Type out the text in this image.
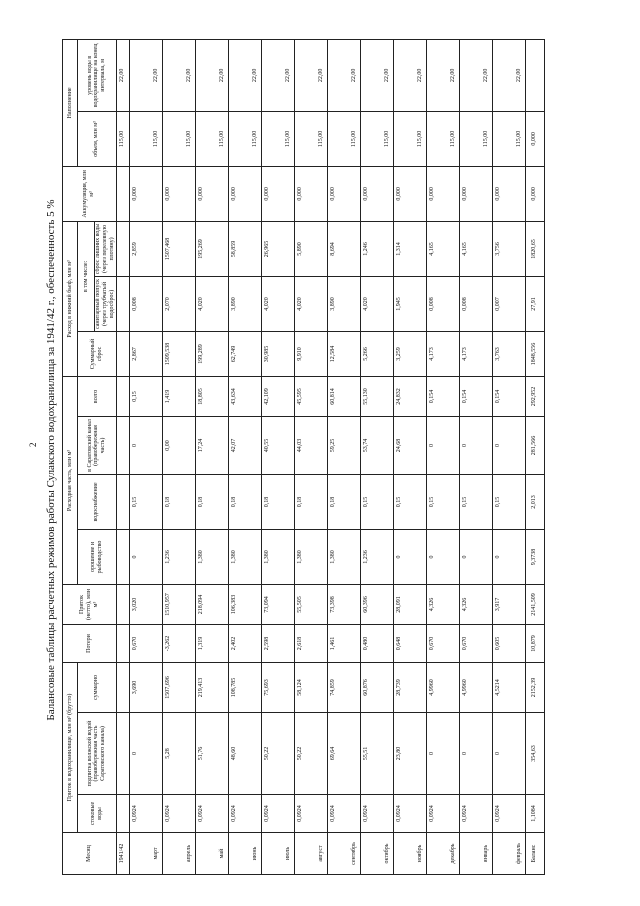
2 Балансовые таблицы расчетных режимов работы Сулакского водохранилища за 1941/42 г., обеспеченность 5 %
Месяц	Приток в водохранилище, млн м³ (брутто)			Потери	Приток (нетто), млн м³	Расходная часть, млн м³				Расход в нижний бьеф, млн м³			Аккумуляция, млн м³	Наполнение	
	стоковые воды	подпитка волжской водой (правобережная часть Саратовского канала)	суммарно			орошение и рыбоводство	водоснабжение	в Саратовский канал (правобережная часть)	всего	Суммарный сброс	в том числе:			объем, млн м³	уровень воды в водохранилище на конец интервала, м
											санитарный попуск (через трубчатый водосброс)	сброс лишних воды (через перелевную плотину)			

1941/42														115,00	22,00
март	0,0924	0	3,690	0,670	3,020	0	0,15	0	0,15	2,867	0,008	2,859	0,000	115,00	22,00
апрель	0,0924	5,28	1507,696	-3,262	1510,957	1,236	0,18	0,00	1,419	1509,538	2,070	1507,468	0,000	115,00	22,00
май	0,0924	51,76	219,413	1,319	218,094	1,380	0,18	17,24	18,805	199,289	4,020	195,269	0,000	115,00	22,00
июнь	0,0924	48,60	108,785	2,402	106,383	1,380	0,18	42,07	43,634	62,749	3,890	58,859	0,000	115,00	22,00
июль	0,0924	50,22	75,693	2,598	73,094	1,380	0,18	40,55	42,109	30,985	4,020	26,965	0,000	115,00	22,00
август	0,0924	50,22	58,124	2,618	55,505	1,380	0,18	44,03	45,595	9,910	4,020	5,890	0,000	115,00	22,00
сентябрь	0,0924	69,64	74,859	1,461	73,398	1,380	0,18	59,25	60,814	12,584	3,890	8,694	0,000	115,00	22,00
октябрь	0,0924	55,51	60,876	0,480	60,396	1,236	0,15	53,74	55,130	5,266	4,020	1,246	0,000	115,00	22,00
ноябрь	0,0924	23,80	28,739	0,648	28,091	0	0,15	24,68	24,832	3,259	1,945	1,314	0,000	115,00	22,00
декабрь	0,0924	0	4,9960	0,670	4,326	0	0,15	0	0,154	4,173	0,008	4,165	0,000	115,00	22,00
январь	0,0924	0	4,9960	0,670	4,326	0	0,15	0	0,154	4,173	0,008	4,165	0,000	115,00	22,00
февраль	0,0924	0	4,5214	0,605	3,917	0	0,15	0	0,154	3,763	0,007	3,756	0,000	115,00	22,00
Баланс	1,1084	354,63	2152,39	10,879	2141,509	9,3738	2,013	281,566	292,952	1848,556	27,91	1820,65	0,000	0,000	
